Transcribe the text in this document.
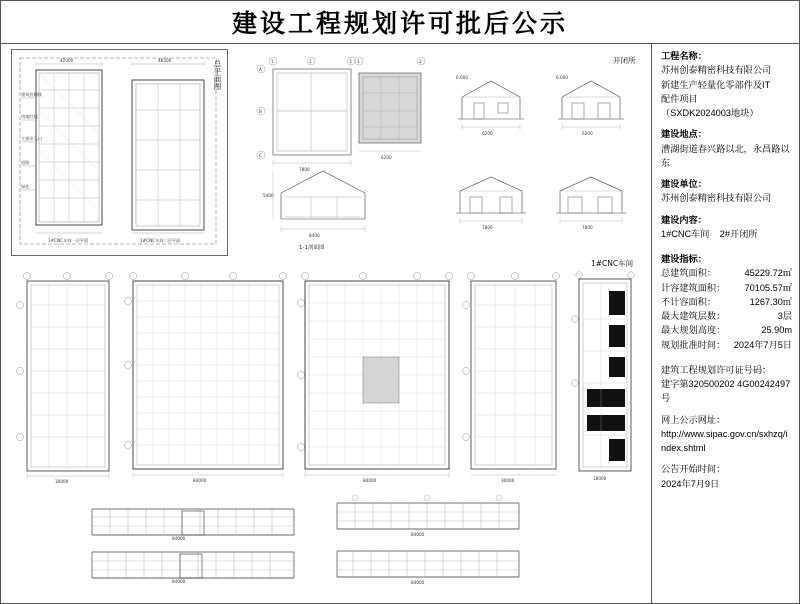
建设工程规划许可批后公示
建筑控制线
用地红线
主要出入口
道路
绿化
42000	46500
1#CNC车间一层平面	1#CNC车间二层平面
总平面图	1	2	3 1	2
A
B
C
7800
6200
8400
5400
1-1剖面图
6200
6.000
6200
6.000
7800	7800
开闭所
1#CNC车间
30000	84000	84000	30000	18000
84000
84000
84000
84000
工程名称：
苏州创泰精密科技有限公司
新建生产轻量化零部件及IT
配件项目
（SXDK2024003地块）
建设地点：
漕湖街道春兴路以北，永昌路以东
建设单位：
苏州创泰精密科技有限公司
建设内容：
1#CNC车间    2#开闭所
建设指标：
总建筑面积：	45229.72㎡
计容建筑面积： 70105.57㎡
不计容面积：	1267.30㎡
最大建筑层数：	3层
最大规划高度：	25.90m
规划批准时间： 2024年7月5日
建筑工程规划许可证号码：
建字第320500202 4G00242497号
网上公示网址：
http://www.sipac.gov.cn/sxhzq/index.shtml
公告开始时间：
2024年7月9日
